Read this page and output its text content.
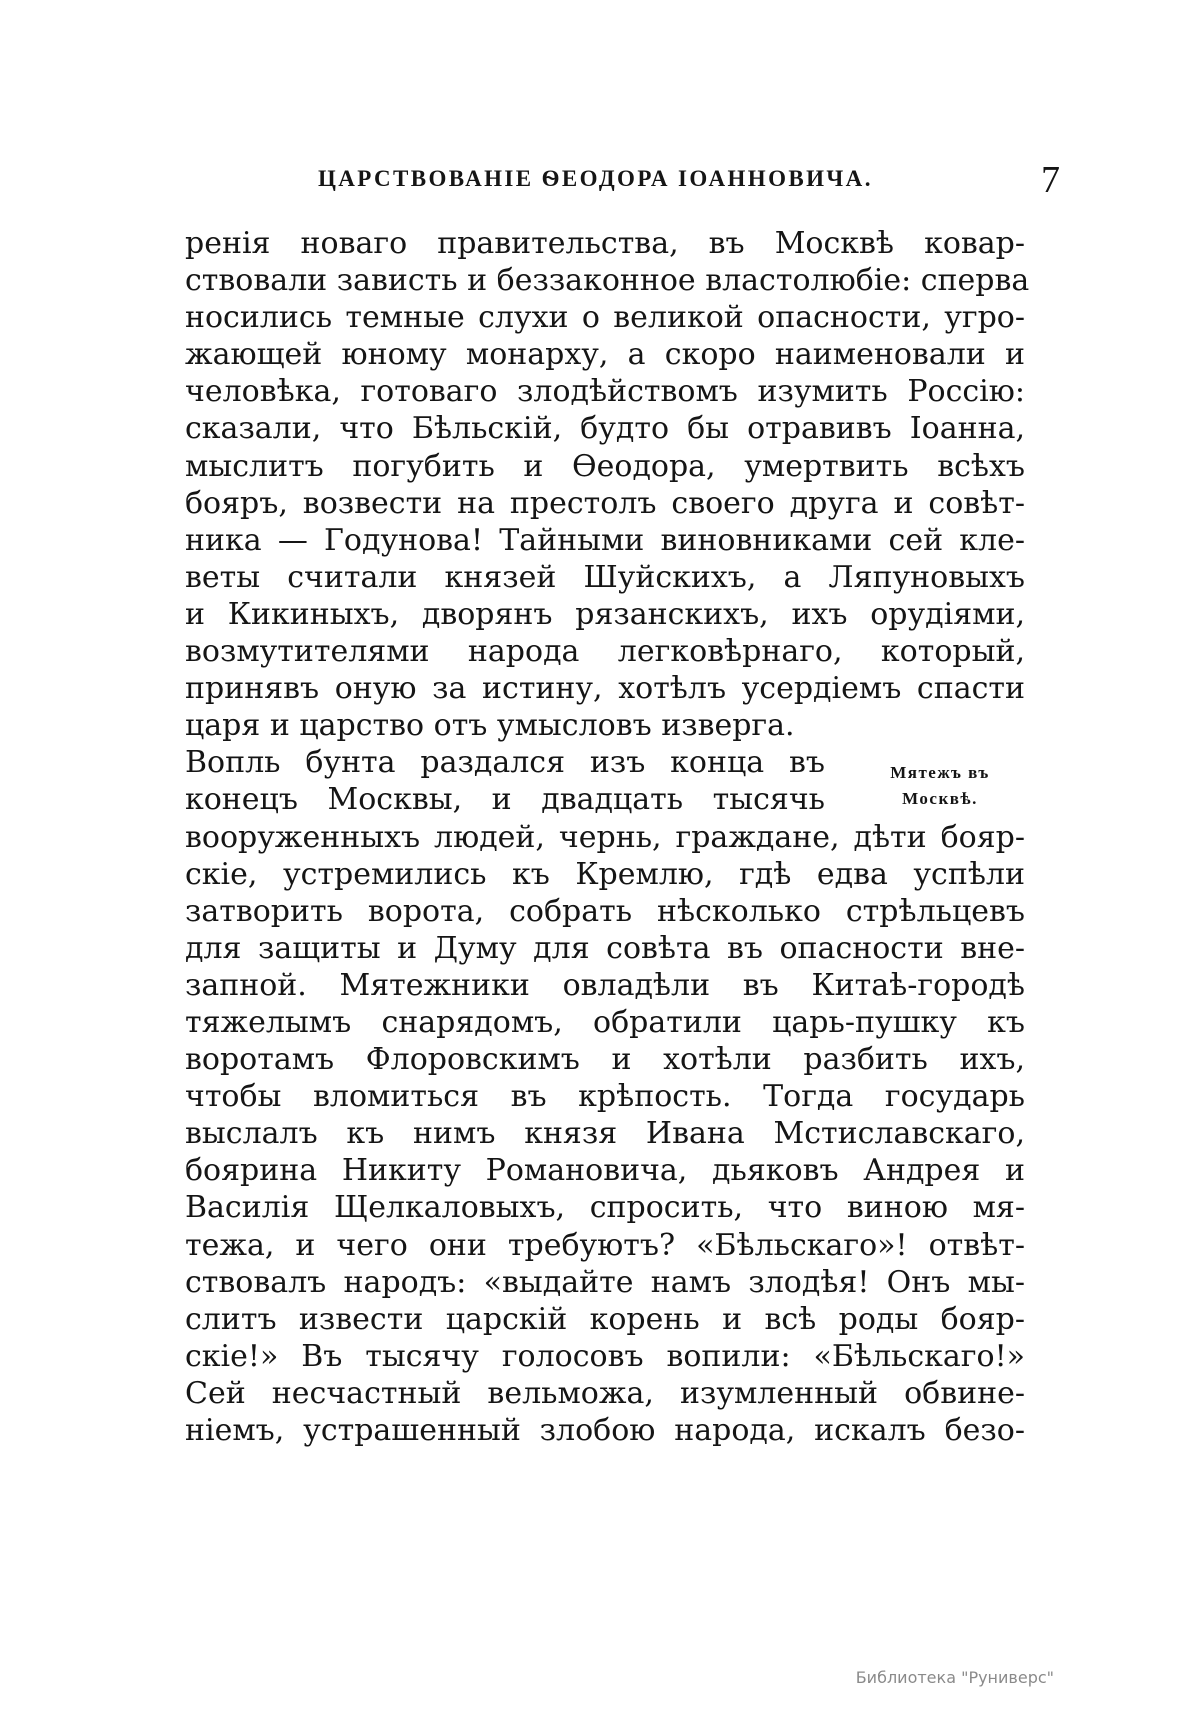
ЦАРСТВОВАНІЕ ѲЕОДОРА ІОАННОВИЧА.	7
ренія новаго правительства, въ Москвѣ ковар-
ствовали зависть и беззаконное властолюбіе: сперва
носились темные слухи о великой опасности, угро-
жающей юному монарху, а скоро наименовали и
человѣка, готоваго злодѣйствомъ изумить Россію:
сказали, что Бѣльскій, будто бы отравивъ Іоанна,
мыслитъ погубить и Ѳеодора, умертвить всѣхъ
бояръ, возвести на престолъ своего друга и совѣт-
ника — Годунова! Тайными виновниками сей кле-
веты считали князей Шуйскихъ, а Ляпуновыхъ
и Кикиныхъ, дворянъ рязанскихъ, ихъ орудіями,
возмутителями народа легковѣрнаго, который,
принявъ оную за истину, хотѣлъ усердіемъ спасти
царя и царство отъ умысловъ изверга.
Вопль бунта раздался изъ конца въ
конецъ Москвы, и двадцать тысячь
вооруженныхъ людей, чернь, граждане, дѣти бояр-
скіе, устремились къ Кремлю, гдѣ едва успѣли
затворить ворота, собрать нѣсколько стрѣльцевъ
для защиты и Думу для совѣта въ опасности вне-
запной. Мятежники овладѣли въ Китаѣ-городѣ
тяжелымъ снарядомъ, обратили царь-пушку къ
воротамъ Флоровскимъ и хотѣли разбить ихъ,
чтобы вломиться въ крѣпость. Тогда государь
выслалъ къ нимъ князя Ивана Мстиславскаго,
боярина Никиту Романовича, дьяковъ Андрея и
Василія Щелкаловыхъ, спросить, что виною мя-
тежа, и чего они требуютъ? «Бѣльскаго»! отвѣт-
ствовалъ народъ: «выдайте намъ злодѣя! Онъ мы-
слитъ извести царскій корень и всѣ роды бояр-
скіе!» Въ тысячу голосовъ вопили: «Бѣльскаго!»
Сей несчастный вельможа, изумленный обвине-
ніемъ, устрашенный злобою народа, искалъ безо-
Мятежъ въ
Москвѣ.
Библиотека "Руниверс"
